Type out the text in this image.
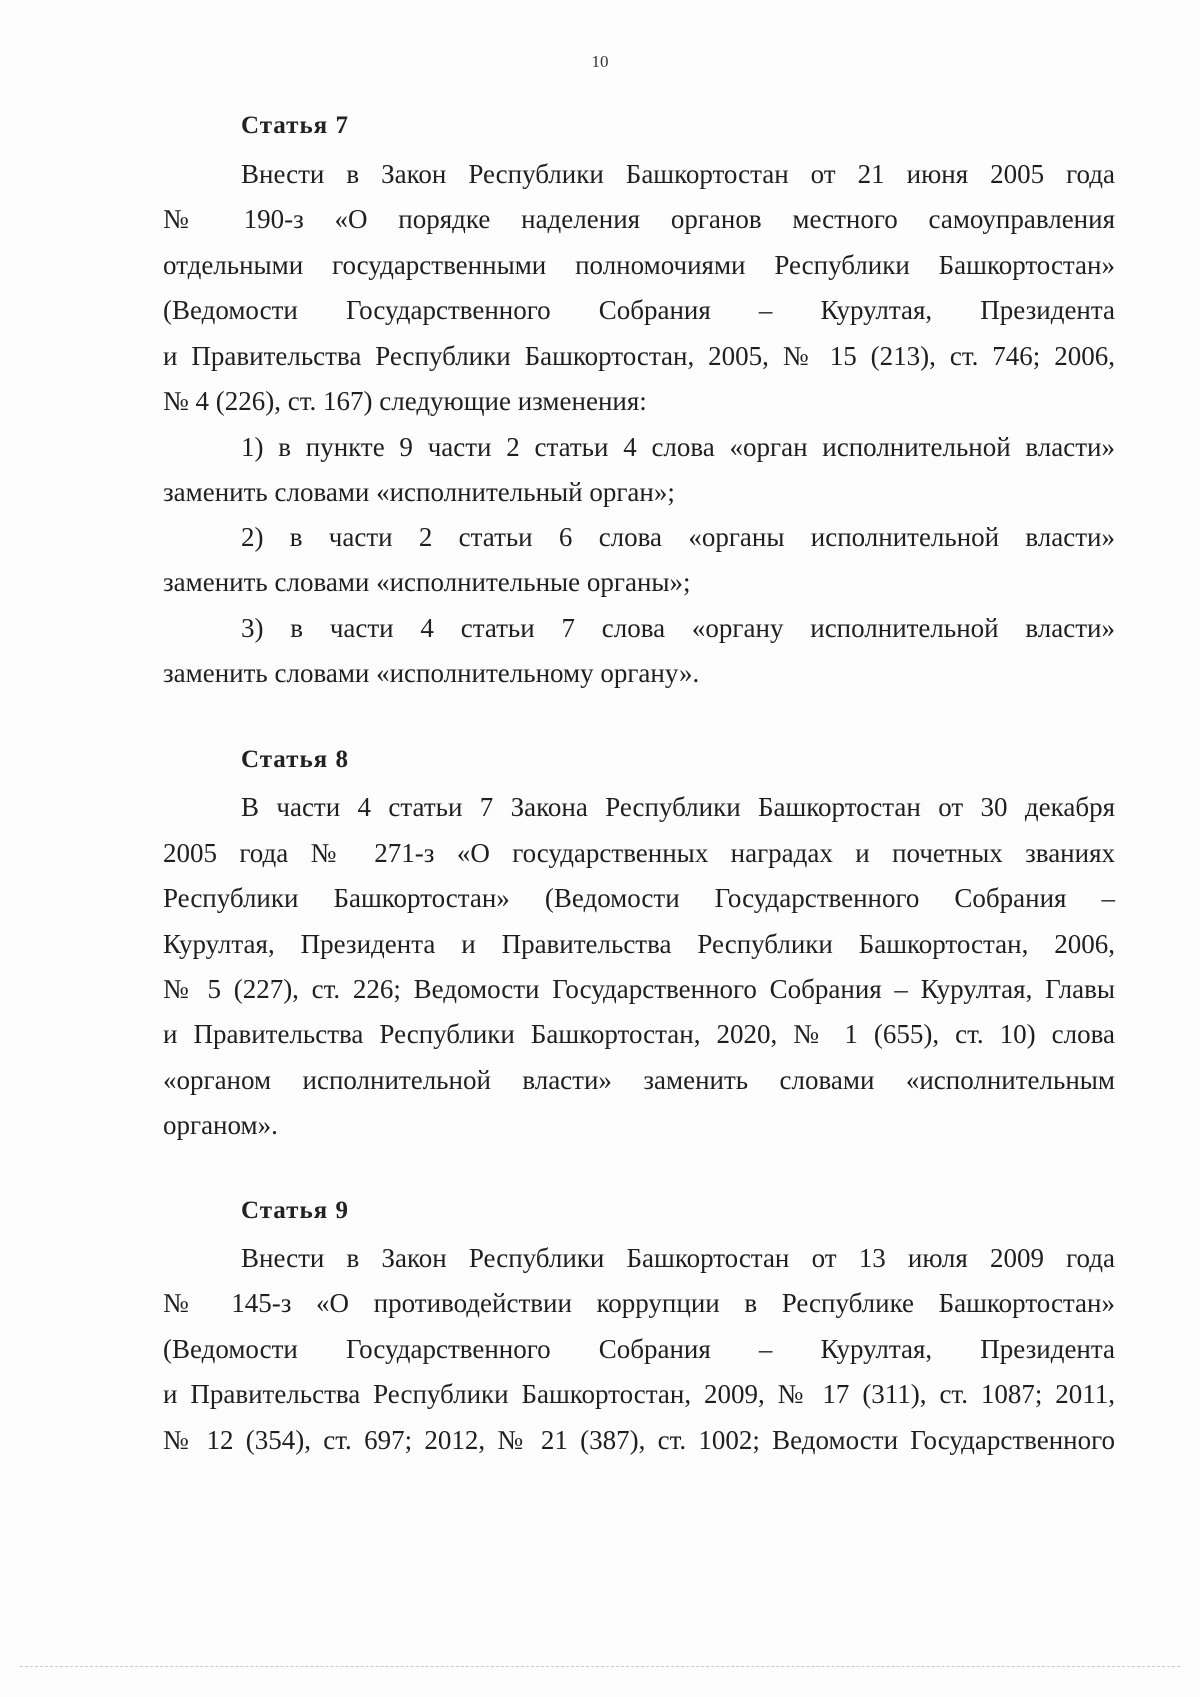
10
Статья 7
Внести в Закон Республики Башкортостан от 21 июня 2005 года
№ 190-з «О порядке наделения органов местного самоуправления
отдельными государственными полномочиями Республики Башкортостан»
(Ведомости Государственного Собрания – Курултая, Президента
и Правительства Республики Башкортостан, 2005, № 15 (213), ст. 746; 2006,
№ 4 (226), ст. 167) следующие изменения:
1) в пункте 9 части 2 статьи 4 слова «орган исполнительной власти»
заменить словами «исполнительный орган»;
2) в части 2 статьи 6 слова «органы исполнительной власти»
заменить словами «исполнительные органы»;
3) в части 4 статьи 7 слова «органу исполнительной власти»
заменить словами «исполнительному органу».
Статья 8
В части 4 статьи 7 Закона Республики Башкортостан от 30 декабря
2005 года № 271-з «О государственных наградах и почетных званиях
Республики Башкортостан» (Ведомости Государственного Собрания –
Курултая, Президента и Правительства Республики Башкортостан, 2006,
№ 5 (227), ст. 226; Ведомости Государственного Собрания – Курултая, Главы
и Правительства Республики Башкортостан, 2020, № 1 (655), ст. 10) слова
«органом исполнительной власти» заменить словами «исполнительным
органом».
Статья 9
Внести в Закон Республики Башкортостан от 13 июля 2009 года
№ 145-з «О противодействии коррупции в Республике Башкортостан»
(Ведомости Государственного Собрания – Курултая, Президента
и Правительства Республики Башкортостан, 2009, № 17 (311), ст. 1087; 2011,
№ 12 (354), ст. 697; 2012, № 21 (387), ст. 1002; Ведомости Государственного
